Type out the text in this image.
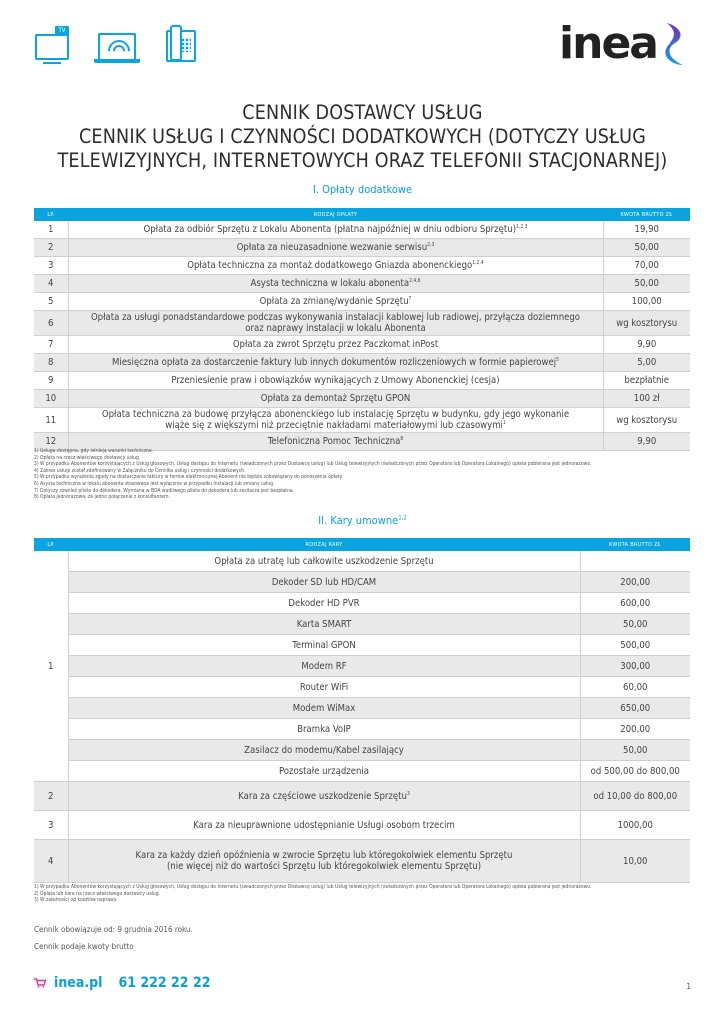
TV	inea
CENNIK DOSTAWCY USŁUG
CENNIK USŁUG I CZYNNOŚCI DODATKOWYCH (DOTYCZY USŁUG
TELEWIZYJNYCH, INTERNETOWYCH ORAZ TELEFONII STACJONARNEJ)
I. Opłaty dodatkowe
LP.	RODZAJ OPŁATY	KWOTA BRUTTO ZŁ
1	Opłata za odbiór Sprzętu z Lokalu Abonenta (płatna najpóźniej w dniu odbioru Sprzętu)$^{1,2,3}$	19,90
2	Opłata za nieuzasadnione wezwanie serwisu$^{2,3}$	50,00
3	Opłata techniczna za montaż dodatkowego Gniazda abonenckiego$^{1,2,4}$	70,00
4	Asysta techniczna w lokalu abonenta$^{2,4,6}$	50,00
5	Opłata za zmianę/wydanie Sprzętu$^7$	100,00
6	Opłata za usługi ponadstandardowe podczas wykonywania instalacji kablowej lub radiowej, przyłącza doziemnego
oraz naprawy instalacji w lokalu Abonenta	wg kosztorysu
7	Opłata za zwrot Sprzętu przez Paczkomat inPost	9,90
8	Miesięczna opłata za dostarczenie faktury lub innych dokumentów rozliczeniowych w formie papierowej$^5$	5,00
9	Przeniesienie praw i obowiązków wynikających z Umowy Abonenckiej (cesja)	bezpłatnie
10	Opłata za demontaż Sprzętu GPON	100 zł
11	Opłata techniczna za budowę przyłącza abonenckiego lub instalację Sprzętu w budynku, gdy jego wykonanie
wiąże się z większymi niż przeciętnie nakładami materiałowymi lub czasowymi$^1$	wg kosztorysu
12	Telefoniczna Pomoc Techniczna$^8$	9,90
1) Usługa dostępna, gdy istnieją warunki techniczne.
2) Opłata na rzecz właściwego dostawcy usług.
3) W przypadku Abonentów korzystających z Usług głosowych, Usług dostępu do Internetu (świadczonych przez Dostawcę usług) lub Usług telewizyjnych (świadczonych przez Operatora lub Operatora Lokalnego) opłata pobierana jest jednorazowo.
4) Zakres usługi został zdefiniowany w Załączniku do Cennika usług i czynności dodatkowych.
5) W przypadku wyrażenia zgody na dostarczanie faktury w formie elektronicznej Abonent nie będzie zobowiązany do ponoszenia opłaty.
6) Asysta techniczna w lokalu abonenta stosowana jest wyłącznie w przypadku instalacji lub zmiany usług.
7) Dotyczy również pilota do dekodera. Wymiana w BOA wadliwego pilota do dekodera lub zasilacza jest bezpłatna.
8) Opłata jednorazowa, za jedno połączenie z konsultantem.
II. Kary umowne$^{1,2}$
LP.	RODZAJ KARY	KWOTA BRUTTO ZŁ
1	Opłata za utratę lub całkowite uszkodzenie Sprzętu	
	Dekoder SD lub HD/CAM	200,00
	Dekoder HD PVR	600,00
	Karta SMART	50,00
	Terminal GPON	500,00
	Modem RF	300,00
	Router WiFi	60,00
	Modem WiMax	650,00
	Bramka VoIP	200,00
	Zasilacz do modemu/Kabel zasilający	50,00
	Pozostałe urządzenia	od 500,00 do 800,00
2	Kara za częściowe uszkodzenie Sprzętu$^3$	od 10,00 do 800,00
3	Kara za nieuprawnione udostępnianie Usługi osobom trzecim	1000,00
4	Kara za każdy dzień opóźnienia w zwrocie Sprzętu lub któregokolwiek elementu Sprzętu
(nie więcej niż do wartości Sprzętu lub któregokolwiek elementu Sprzętu)	10,00
1) W przypadku Abonentów korzystających z Usług głosowych, Usług dostępu do Internetu (świadczonych przez Dostawcę usług) lub Usług telewizyjnych (świadczonych przez Operatora lub Operatora Lokalnego) opłata pobierana jest jednorazowo.
2) Opłata lub kara na rzecz właściwego dostawcy usług.
3) W zależności od kosztów naprawy.
Cennik obowiązuje od: 9 grudnia 2016 roku.
Cennik podaje kwoty brutto
inea.pl 61 222 22 22	1
